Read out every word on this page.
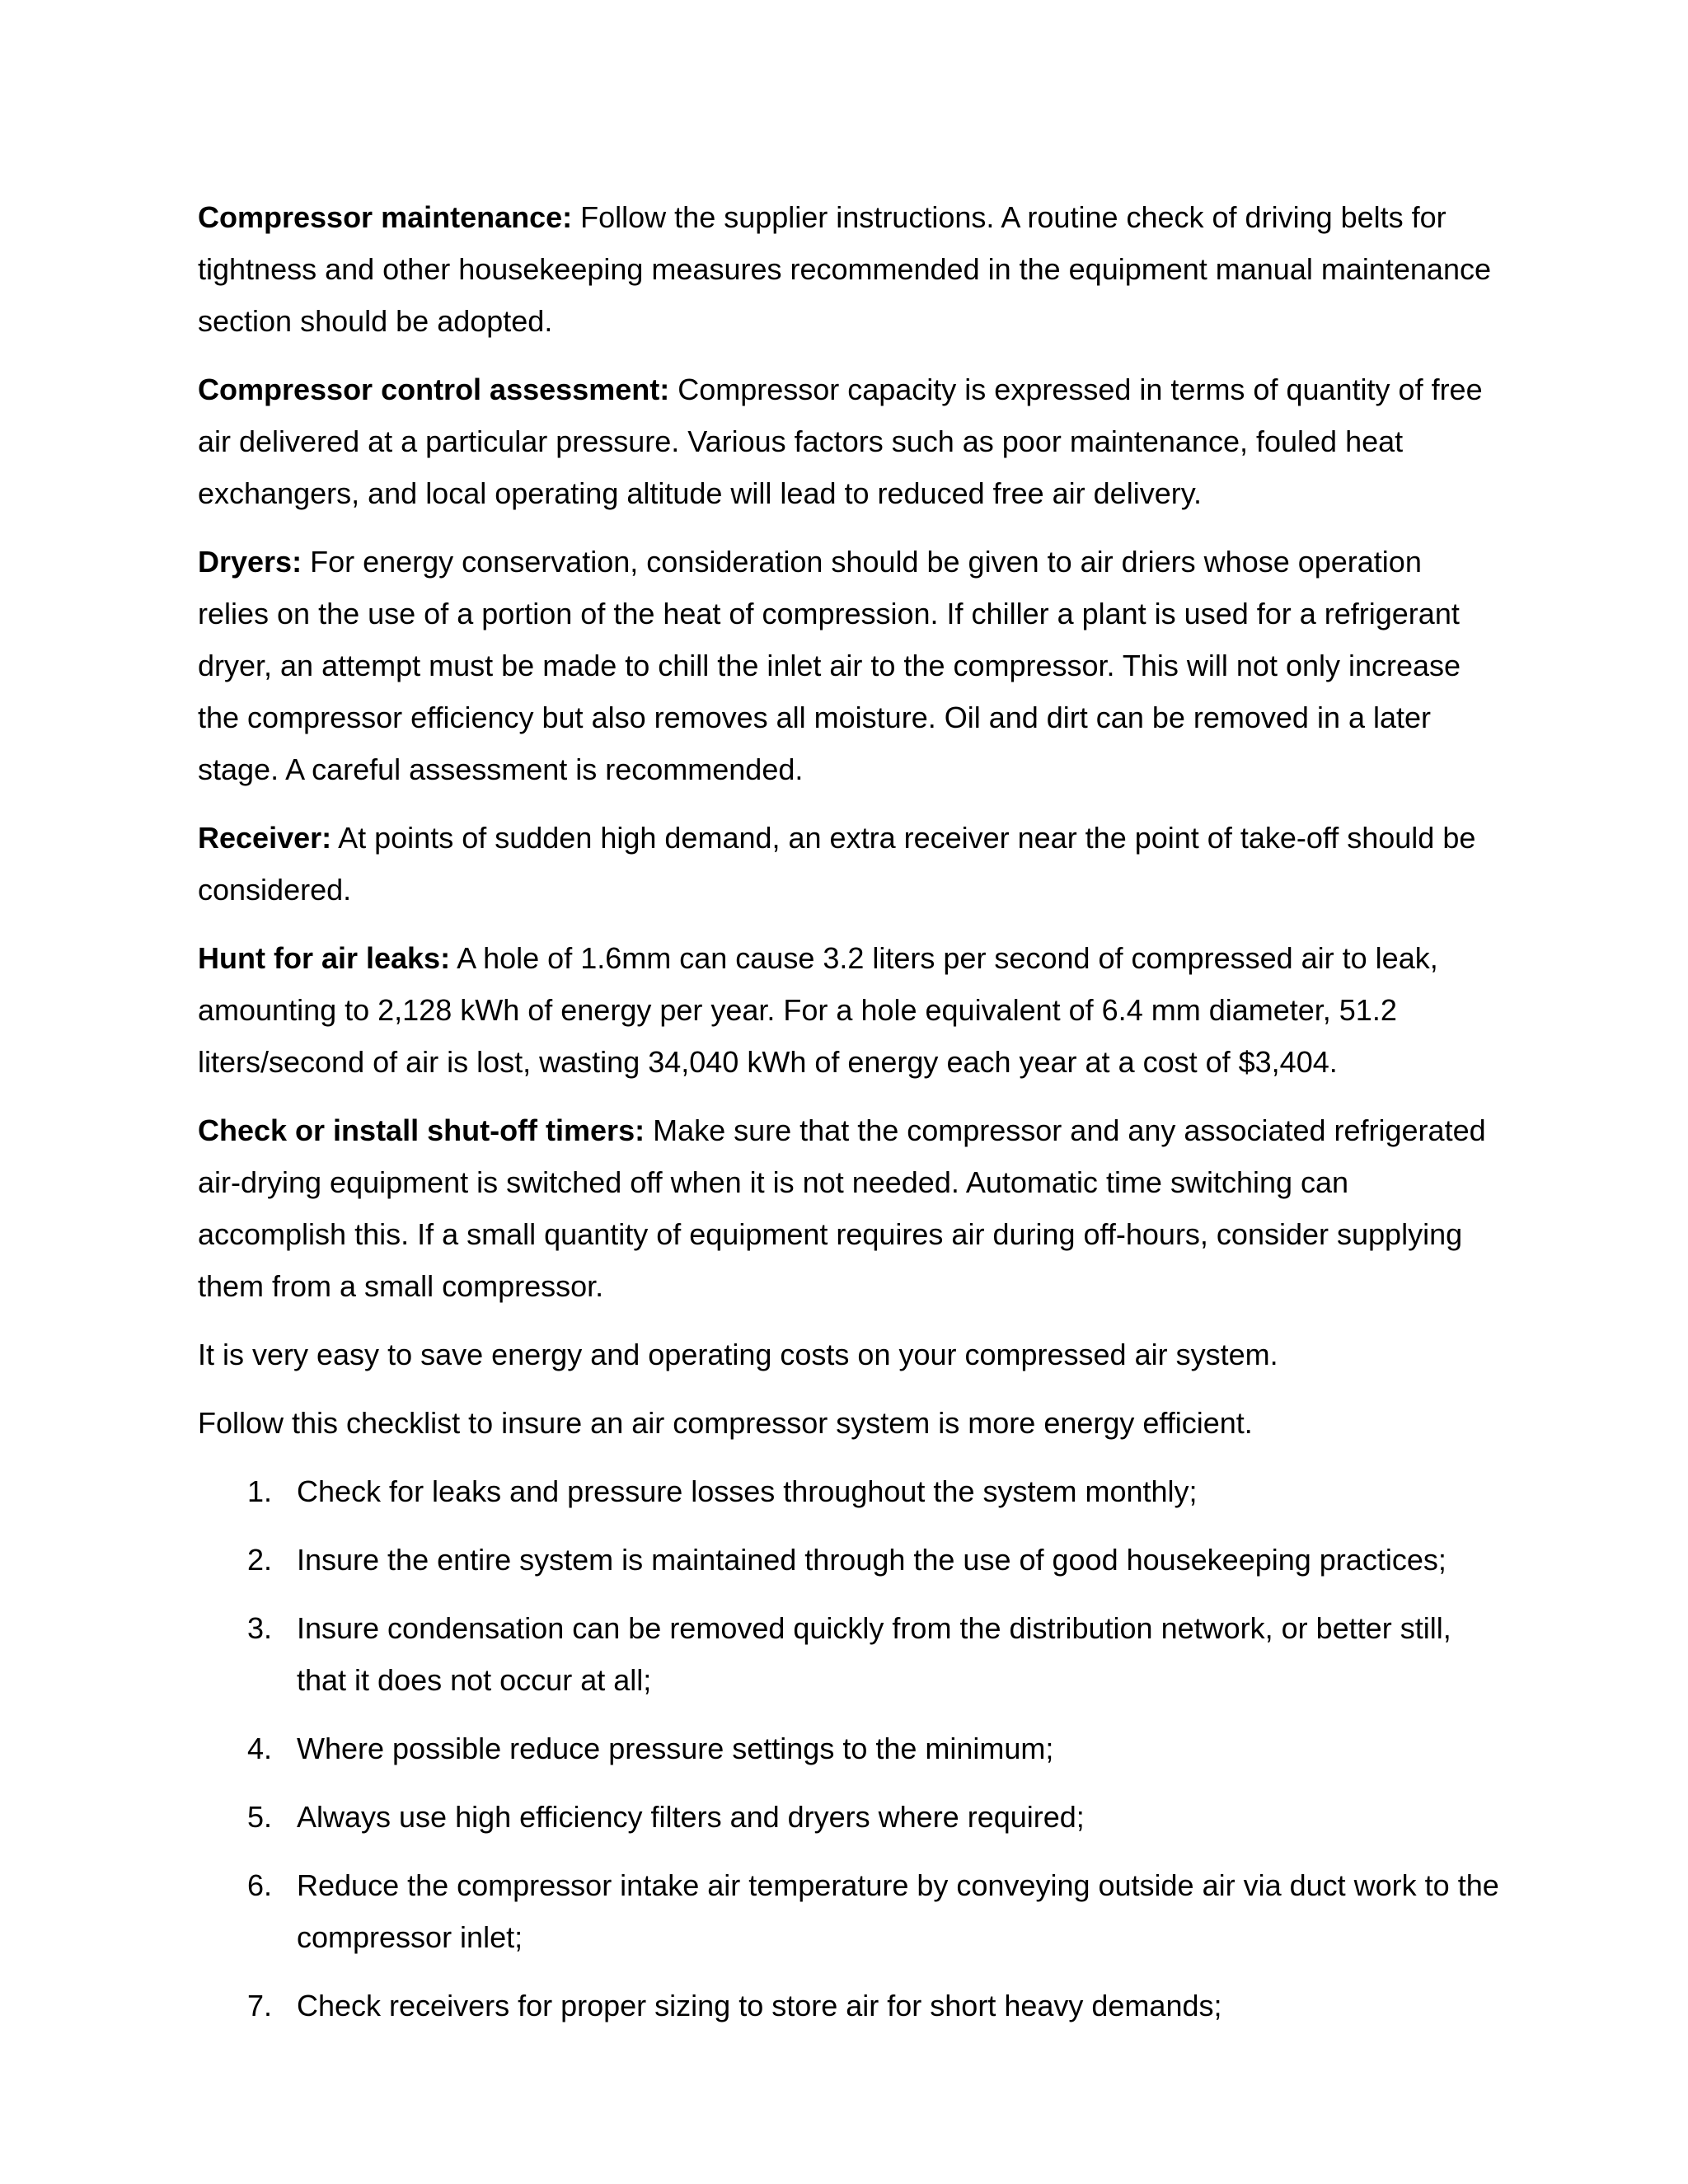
Compressor maintenance: Follow the supplier instructions. A routine check of driving belts for tightness and other housekeeping measures recommended in the equipment manual maintenance section should be adopted.

Compressor control assessment: Compressor capacity is expressed in terms of quantity of free air delivered at a particular pressure. Various factors such as poor maintenance, fouled heat exchangers, and local operating altitude will lead to reduced free air delivery.

Dryers: For energy conservation, consideration should be given to air driers whose operation relies on the use of a portion of the heat of compression. If chiller a plant is used for a refrigerant dryer, an attempt must be made to chill the inlet air to the compressor. This will not only increase the compressor efficiency but also removes all moisture. Oil and dirt can be removed in a later stage. A careful assessment is recommended.

Receiver: At points of sudden high demand, an extra receiver near the point of take-off should be considered.

Hunt for air leaks: A hole of 1.6mm can cause 3.2 liters per second of compressed air to leak, amounting to 2,128 kWh of energy per year. For a hole equivalent of 6.4 mm diameter, 51.2 liters/second of air is lost, wasting 34,040 kWh of energy each year at a cost of $3,404.

Check or install shut-off timers: Make sure that the compressor and any associated refrigerated air-drying equipment is switched off when it is not needed. Automatic time switching can accomplish this. If a small quantity of equipment requires air during off-hours, consider supplying them from a small compressor.

It is very easy to save energy and operating costs on your compressed air system.

Follow this checklist to insure an air compressor system is more energy efficient.

1. Check for leaks and pressure losses throughout the system monthly;
2. Insure the entire system is maintained through the use of good housekeeping practices;
3. Insure condensation can be removed quickly from the distribution network, or better still, that it does not occur at all;
4. Where possible reduce pressure settings to the minimum;
5. Always use high efficiency filters and dryers where required;
6. Reduce the compressor intake air temperature by conveying outside air via duct work to the compressor inlet;
7. Check receivers for proper sizing to store air for short heavy demands;
